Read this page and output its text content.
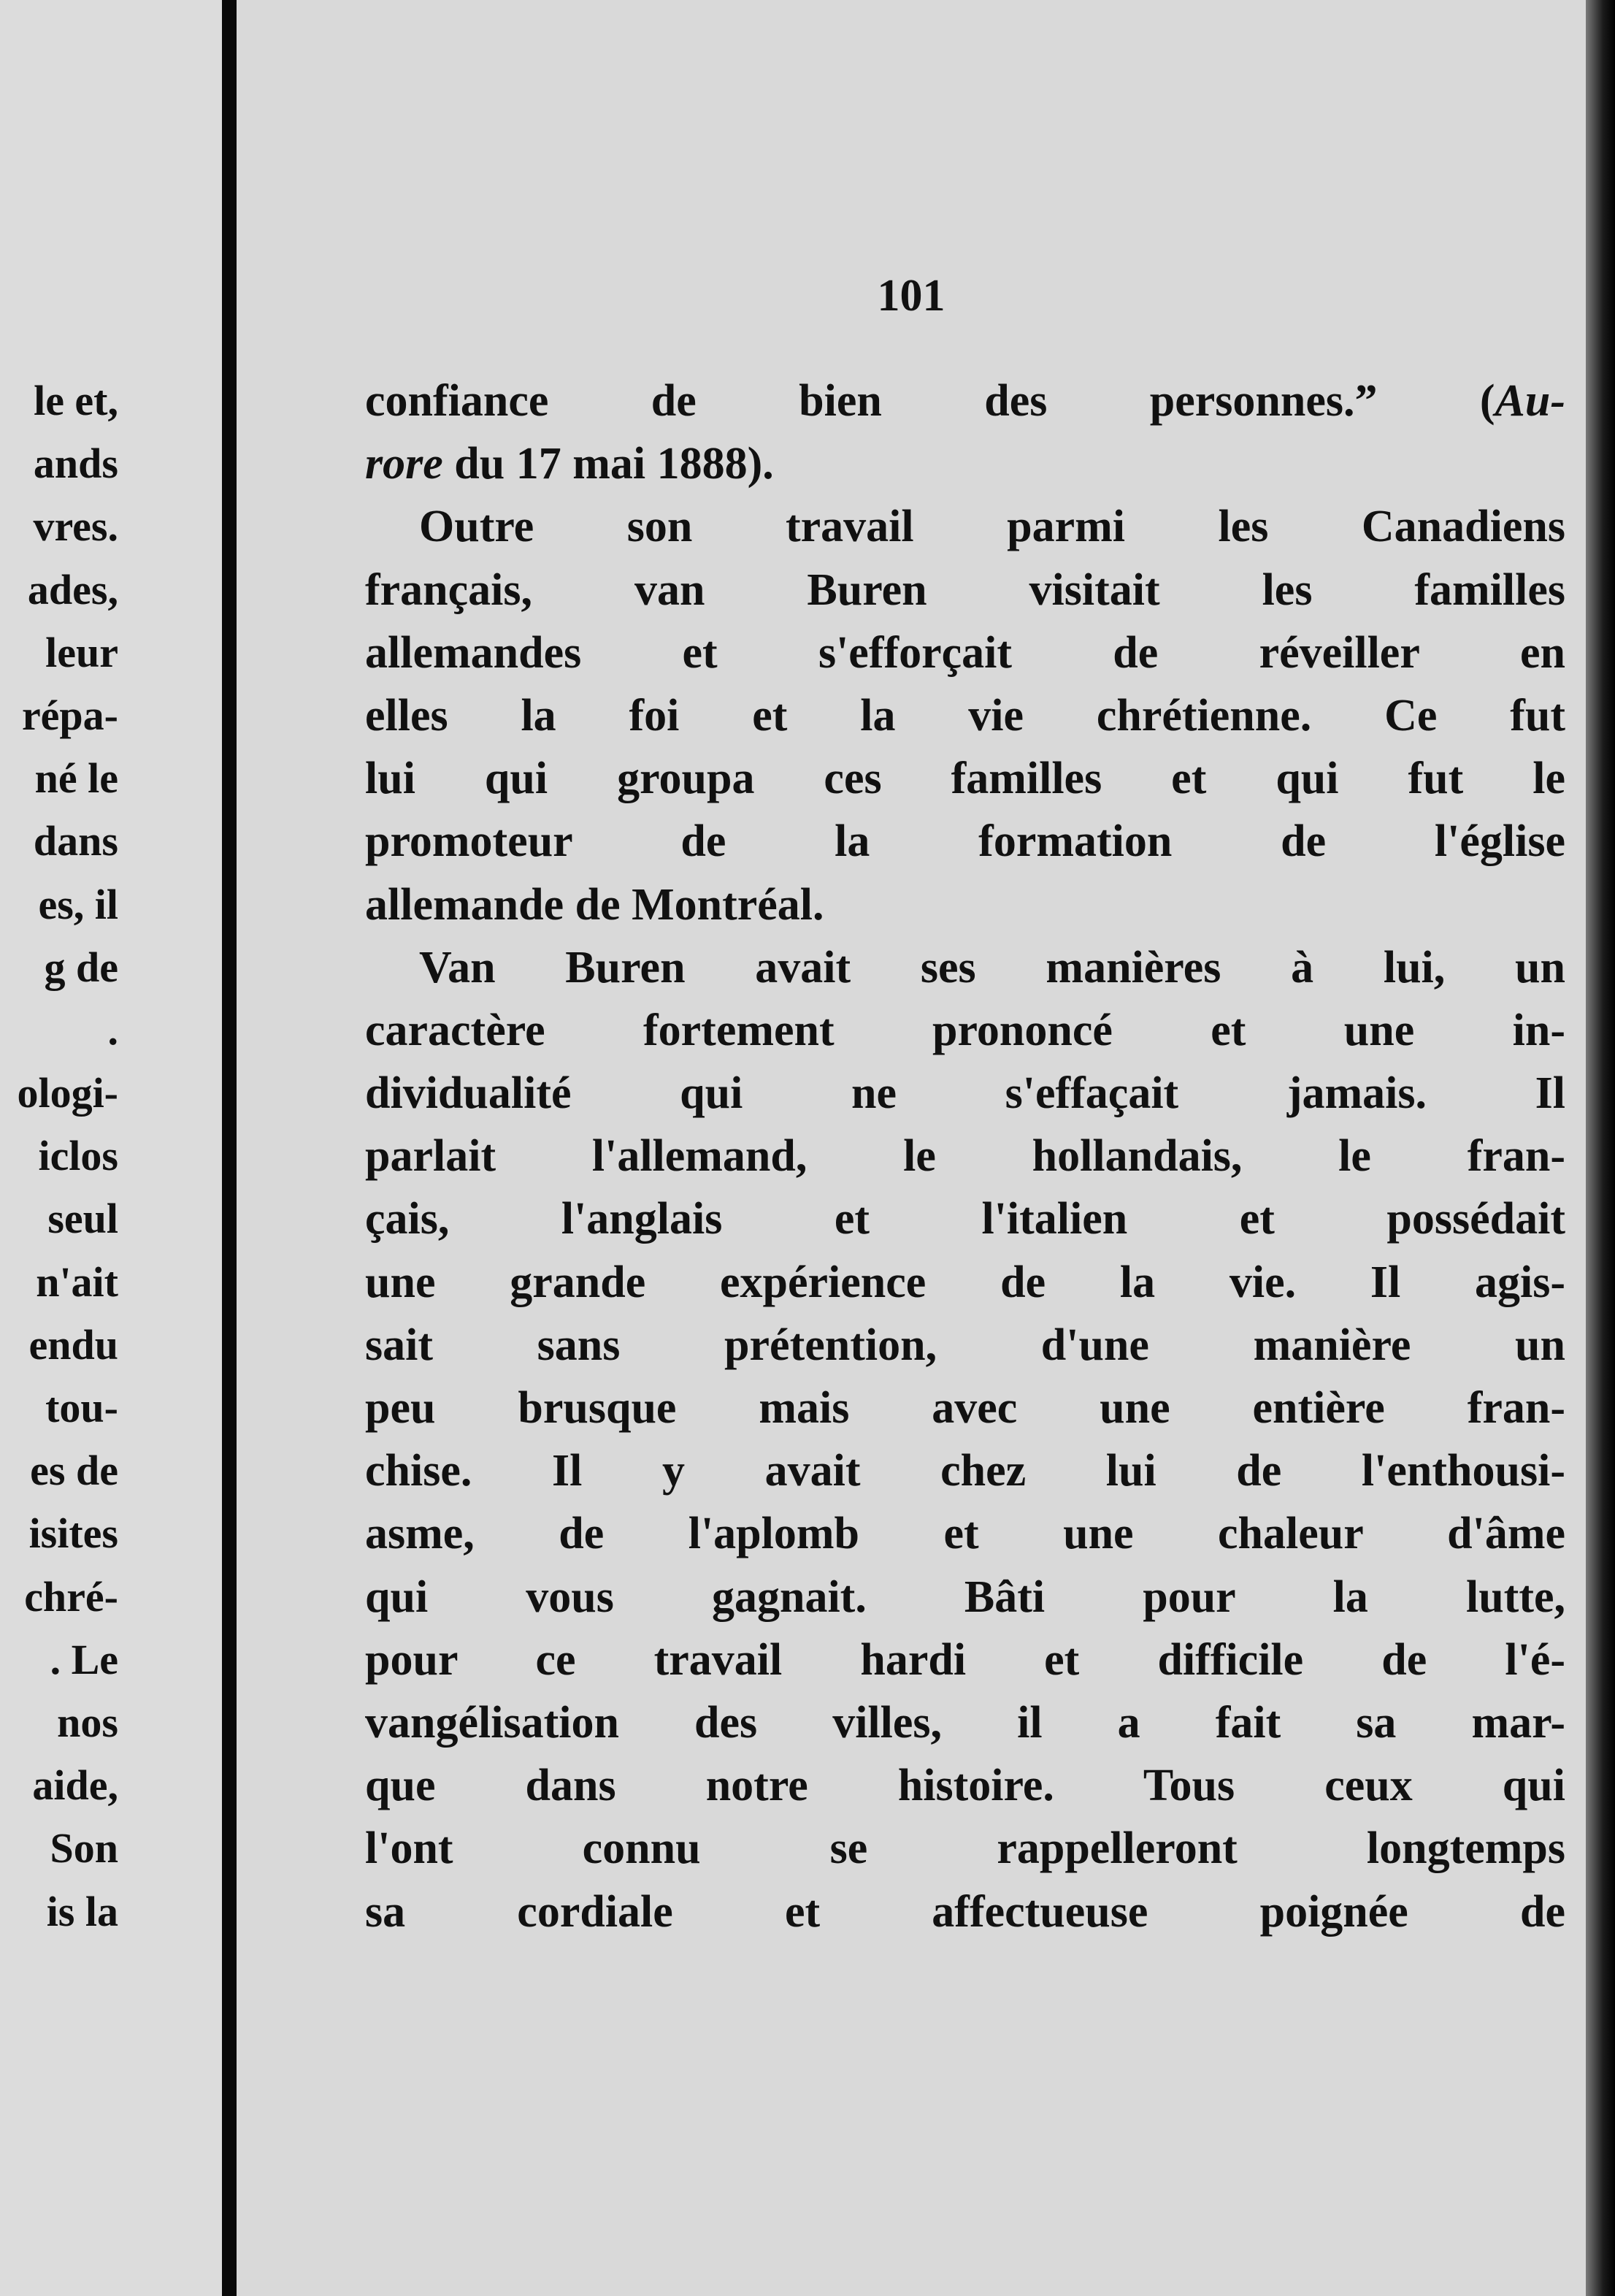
le et,
ands
vres.
ades,
leur
répa-
né le
dans
es, il
g de
.
ologi-
iclos
seul
n'ait
endu
tou-
es de
isites
chré-
. Le
nos
aide,
Son
is la

101

confiance de bien des personnes.” (Au-
rore du 17 mai 1888).
Outre son travail parmi les Canadiens
français, van Buren visitait les familles
allemandes et s'efforçait de réveiller en
elles la foi et la vie chrétienne. Ce fut
lui qui groupa ces familles et qui fut le
promoteur de la formation de l'église
allemande de Montréal.
Van Buren avait ses manières à lui, un
caractère fortement prononcé et une in-
dividualité qui ne s'effaçait jamais. Il
parlait l'allemand, le hollandais, le fran-
çais, l'anglais et l'italien et possédait
une grande expérience de la vie. Il agis-
sait sans prétention, d'une manière un
peu brusque mais avec une entière fran-
chise. Il y avait chez lui de l'enthousi-
asme, de l'aplomb et une chaleur d'âme
qui vous gagnait. Bâti pour la lutte,
pour ce travail hardi et difficile de l'é-
vangélisation des villes, il a fait sa mar-
que dans notre histoire. Tous ceux qui
l'ont connu se rappelleront longtemps
sa cordiale et affectueuse poignée de
